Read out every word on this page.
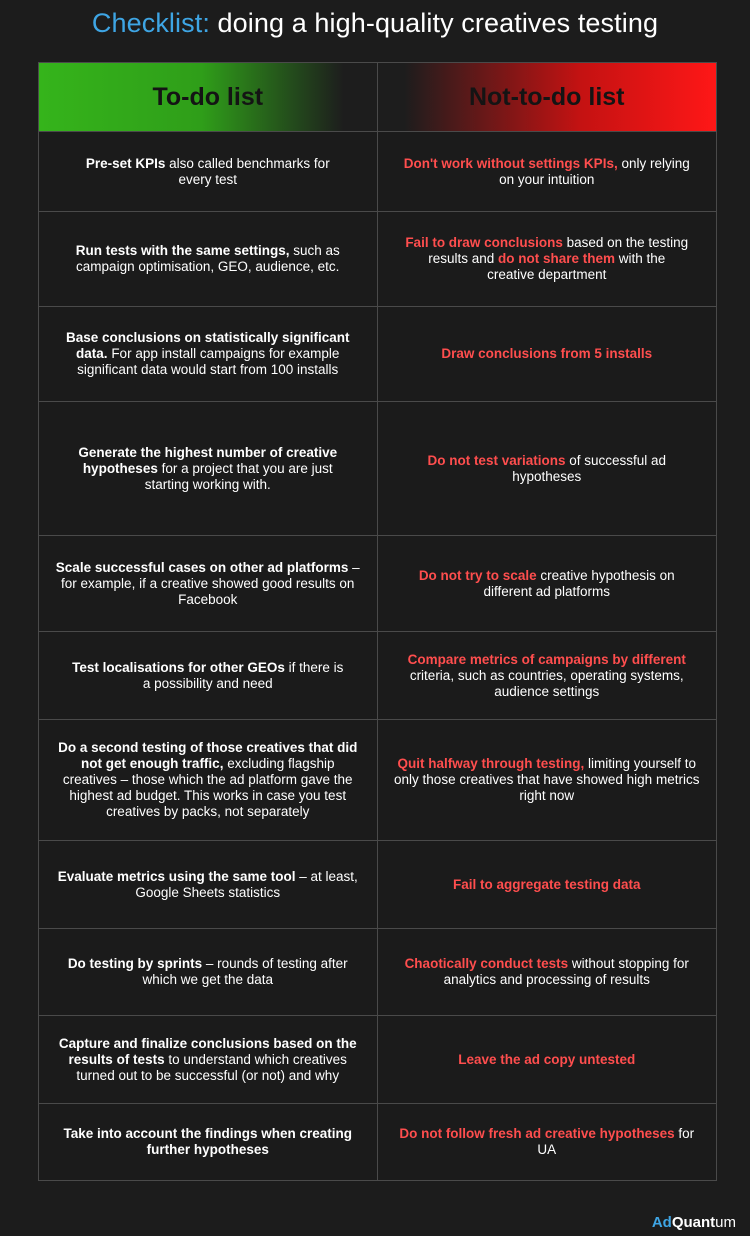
Checklist: doing a high-quality creatives testing
To-do list	Not-to-do list
Pre-set KPIs also called benchmarks for every test
Don't work without settings KPIs, only relying on your intuition
Run tests with the same settings, such as campaign optimisation, GEO, audience, etc.
Fail to draw conclusions based on the testing results and do not share them with the creative department
Base conclusions on statistically significant data. For app install campaigns for example significant data would start from 100 installs
Draw conclusions from 5 installs
Generate the highest number of creative hypotheses for a project that you are just starting working with.
Do not test variations of successful ad hypotheses
Scale successful cases on other ad platforms – for example, if a creative showed good results on Facebook
Do not try to scale creative hypothesis on different ad platforms
Test localisations for other GEOs if there is a possibility and need
Compare metrics of campaigns by different criteria, such as countries, operating systems, audience settings
Do a second testing of those creatives that did not get enough traffic, excluding flagship creatives – those which the ad platform gave the highest ad budget. This works in case you test creatives by packs, not separately
Quit halfway through testing, limiting yourself to only those creatives that have showed high metrics right now
Evaluate metrics using the same tool – at least, Google Sheets statistics
Fail to aggregate testing data
Do testing by sprints – rounds of testing after which we get the data
Chaotically conduct tests without stopping for analytics and processing of results
Capture and finalize conclusions based on the results of tests to understand which creatives turned out to be successful (or not) and why
Leave the ad copy untested
Take into account the findings when creating further hypotheses
Do not follow fresh ad creative hypotheses for UA
AdQuantum
